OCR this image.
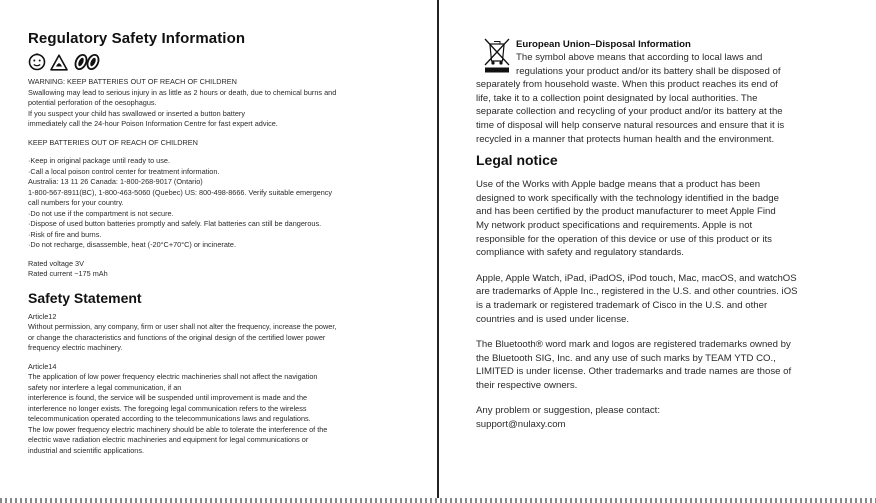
Regulatory Safety Information

WARNING: KEEP BATTERIES OUT OF REACH OF CHILDREN

Swallowing may lead to serious injury in as little as 2 hours or death, due to chemical burns and

potential perforation of the oesophagus.

If you suspect your child has swallowed or inserted a button battery

immediately call the 24-hour Poison Information Centre for fast expert advice.

KEEP BATTERIES OUT OF REACH OF CHILDREN

·Keep in original package until ready to use.

·Call a local poison control center for treatment information.

Australia: 13 11 26 Canada: 1-800-268-9017 (Ontario)

1-800-567-8911(BC), 1-800-463-5060 (Quebec) US: 800-498-8666. Verify suitable emergency

call numbers for your country.

·Do not use if the compartment is not secure.

·Dispose of used button batteries promptly and safely. Flat batteries can still be dangerous.

·Risk of fire and burns.

·Do not recharge, disassemble, heat (-20°C+70°C) or incinerate.

Rated voltage 3V

Rated current ~175 mAh

Safety Statement

Article12

Without permission, any company, firm or user shall not alter the frequency, increase the power,

or change the characteristics and functions of the original design of the certified lower power

frequency electric machinery.

Article14

The application of low power frequency electric machineries shall not affect the navigation

safety nor interfere a legal communication, if an

interference is found, the service will be suspended until improvement is made and the

interference no longer exists. The foregoing legal communication refers to the wireless

telecommunication operated according to the telecommunications laws and regulations.

The low power frequency electric machinery should be able to tolerate the interference of the

electric wave radiation electric machineries and equipment for legal communications or

industrial and scientific applications.

European Union–Disposal Information

The symbol above means that according to local laws and

regulations your product and/or its battery shall be disposed of

separately from household waste. When this product reaches its end of

life, take it to a collection point designated by local authorities. The

separate collection and recycling of your product and/or its battery at the

time of disposal will help conserve natural resources and ensure that it is

recycled in a manner that protects human health and the environment.

Legal notice

Use of the Works with Apple badge means that a product has been

designed to work specifically with the technology identified in the badge

and has been certified by the product manufacturer to meet Apple Find

My network product specifications and requirements. Apple is not

responsible for the operation of this device or use of this product or its

compliance with safety and regulatory standards.

Apple, Apple Watch, iPad, iPadOS, iPod touch, Mac, macOS, and watchOS

are trademarks of Apple Inc., registered in the U.S. and other countries. iOS

is a trademark or registered trademark of Cisco in the U.S. and other

countries and is used under license.

The Bluetooth® word mark and logos are registered trademarks owned by

the Bluetooth SIG, Inc. and any use of such marks by TEAM YTD CO.,

LIMITED is under license. Other trademarks and trade names are those of

their respective owners.

Any problem or suggestion, please contact:

support@nulaxy.com
